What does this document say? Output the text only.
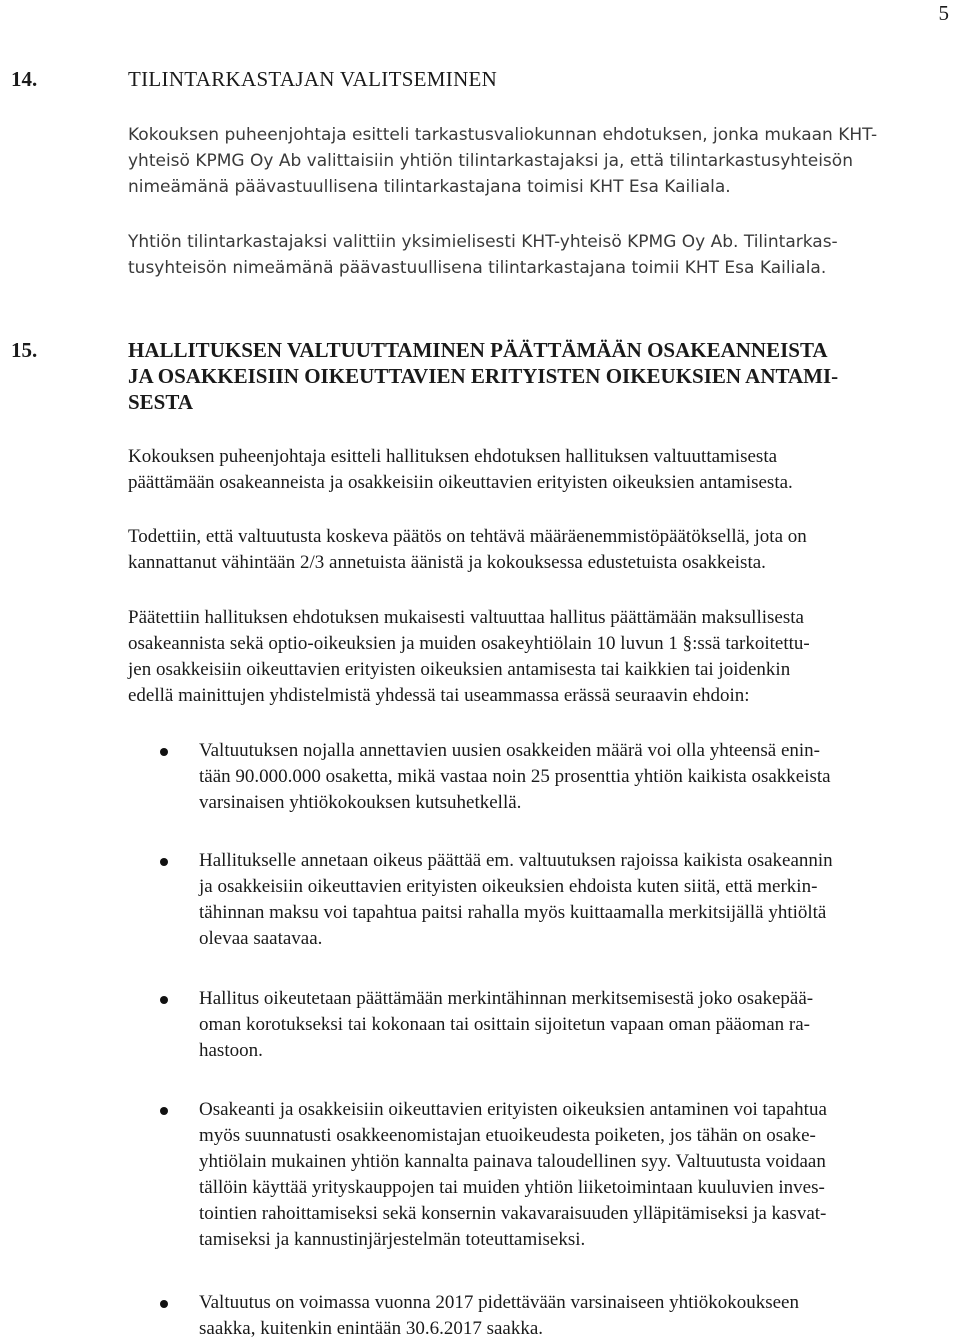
5
14.	TILINTARKASTAJAN VALITSEMINEN

Kokouksen puheenjohtaja esitteli tarkastusvaliokunnan ehdotuksen, jonka mukaan KHT-
yhteisö KPMG Oy Ab valittaisiin yhtiön tilintarkastajaksi ja, että tilintarkastusyhteisön
nimeämänä päävastuullisena tilintarkastajana toimisi KHT Esa Kailiala.

Yhtiön tilintarkastajaksi valittiin yksimielisesti KHT-yhteisö KPMG Oy Ab. Tilintarkas-
tusyhteisön nimeämänä päävastuullisena tilintarkastajana toimii KHT Esa Kailiala.

15.	HALLITUKSEN VALTUUTTAMINEN PÄÄTTÄMÄÄN OSAKEANNEISTA
JA OSAKKEISIIN OIKEUTTAVIEN ERITYISTEN OIKEUKSIEN ANTAMI-
SESTA

Kokouksen puheenjohtaja esitteli hallituksen ehdotuksen hallituksen valtuuttamisesta
päättämään osakeanneista ja osakkeisiin oikeuttavien erityisten oikeuksien antamisesta.

Todettiin, että valtuutusta koskeva päätös on tehtävä määräenemmistöpäätöksellä, jota on
kannattanut vähintään 2/3 annetuista äänistä ja kokouksessa edustetuista osakkeista.

Päätettiin hallituksen ehdotuksen mukaisesti valtuuttaa hallitus päättämään maksullisesta
osakeannista sekä optio-oikeuksien ja muiden osakeyhtiölain 10 luvun 1 §:ssä tarkoitettu-
jen osakkeisiin oikeuttavien erityisten oikeuksien antamisesta tai kaikkien tai joidenkin
edellä mainittujen yhdistelmistä yhdessä tai useammassa erässä seuraavin ehdoin:

Valtuutuksen nojalla annettavien uusien osakkeiden määrä voi olla yhteensä enin-
tään 90.000.000 osaketta, mikä vastaa noin 25 prosenttia yhtiön kaikista osakkeista
varsinaisen yhtiökokouksen kutsuhetkellä.

Hallitukselle annetaan oikeus päättää em. valtuutuksen rajoissa kaikista osakeannin
ja osakkeisiin oikeuttavien erityisten oikeuksien ehdoista kuten siitä, että merkin-
tähinnan maksu voi tapahtua paitsi rahalla myös kuittaamalla merkitsijällä yhtiöltä
olevaa saatavaa.

Hallitus oikeutetaan päättämään merkintähinnan merkitsemisestä joko osakepää-
oman korotukseksi tai kokonaan tai osittain sijoitetun vapaan oman pääoman ra-
hastoon.

Osakeanti ja osakkeisiin oikeuttavien erityisten oikeuksien antaminen voi tapahtua
myös suunnatusti osakkeenomistajan etuoikeudesta poiketen, jos tähän on osake-
yhtiölain mukainen yhtiön kannalta painava taloudellinen syy. Valtuutusta voidaan
tällöin käyttää yrityskauppojen tai muiden yhtiön liiketoimintaan kuuluvien inves-
tointien rahoittamiseksi sekä konsernin vakavaraisuuden ylläpitämiseksi ja kasvat-
tamiseksi ja kannustinjärjestelmän toteuttamiseksi.

Valtuutus on voimassa vuonna 2017 pidettävään varsinaiseen yhtiökokoukseen
saakka, kuitenkin enintään 30.6.2017 saakka.
